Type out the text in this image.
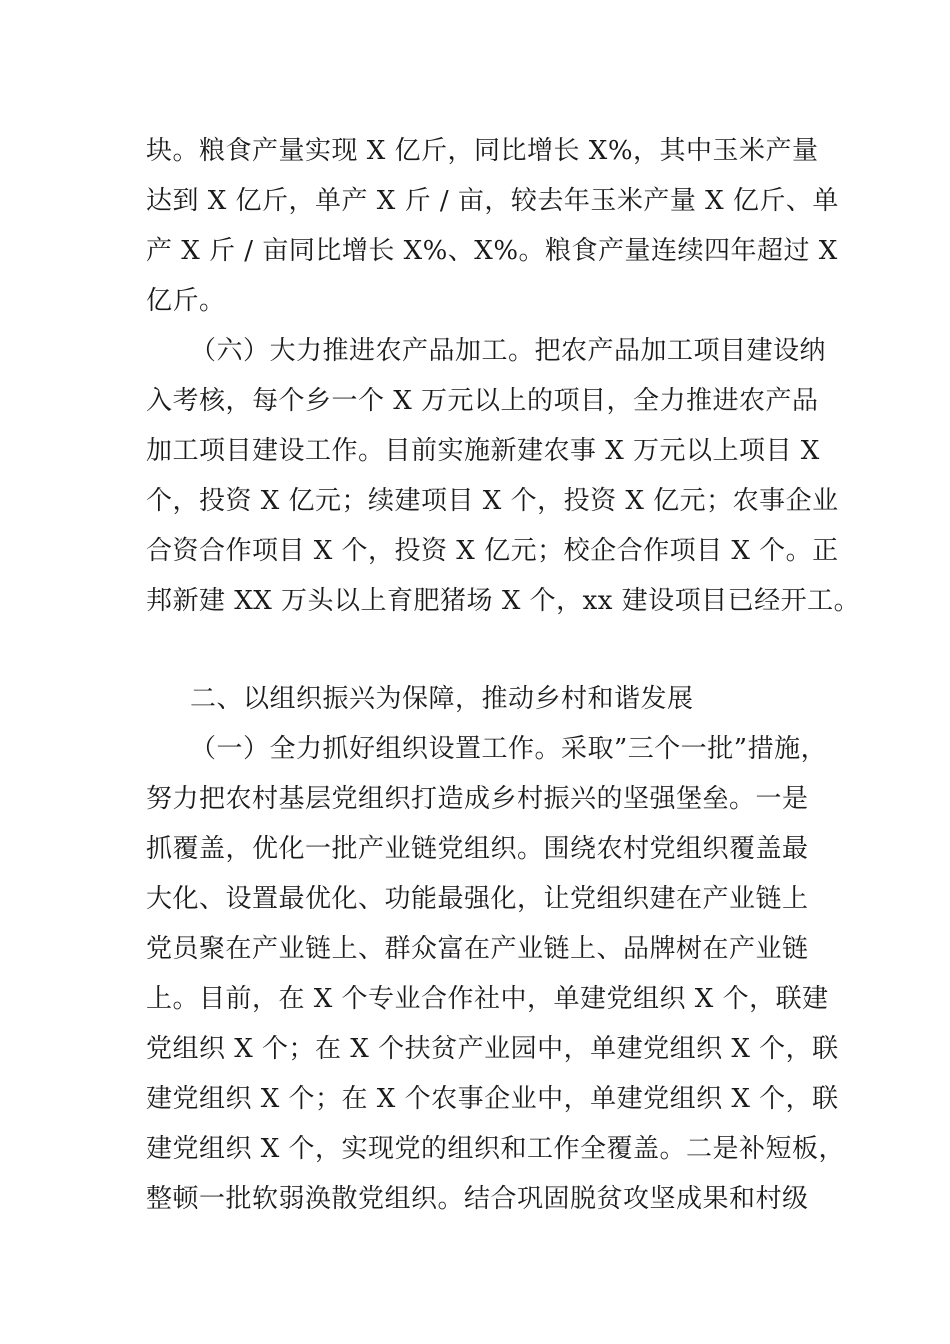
块。粮食产量实现 X 亿斤，同比增长 X%，其中玉米产量
达到 X 亿斤，单产 X 斤 / 亩，较去年玉米产量 X 亿斤、单
产 X 斤 / 亩同比增长 X%、X%。粮食产量连续四年超过 X
亿斤。
（六）大力推进农产品加工。把农产品加工项目建设纳
入考核，每个乡一个 X 万元以上的项目，全力推进农产品
加工项目建设工作。目前实施新建农事 X 万元以上项目 X
个，投资 X 亿元；续建项目 X 个，投资 X 亿元；农事企业
合资合作项目 X 个，投资 X 亿元；校企合作项目 X 个。正
邦新建 XX 万头以上育肥猪场 X 个，xx 建设项目已经开工。
二、以组织振兴为保障，推动乡村和谐发展
（一）全力抓好组织设置工作。采取”三个一批”措施，
努力把农村基层党组织打造成乡村振兴的坚强堡垒。一是
抓覆盖，优化一批产业链党组织。围绕农村党组织覆盖最
大化、设置最优化、功能最强化，让党组织建在产业链上
党员聚在产业链上、群众富在产业链上、品牌树在产业链
上。目前，在 X 个专业合作社中，单建党组织 X 个，联建
党组织 X 个；在 X 个扶贫产业园中，单建党组织 X 个，联
建党组织 X 个；在 X 个农事企业中，单建党组织 X 个，联
建党组织 X 个，实现党的组织和工作全覆盖。二是补短板，
整顿一批软弱涣散党组织。结合巩固脱贫攻坚成果和村级
